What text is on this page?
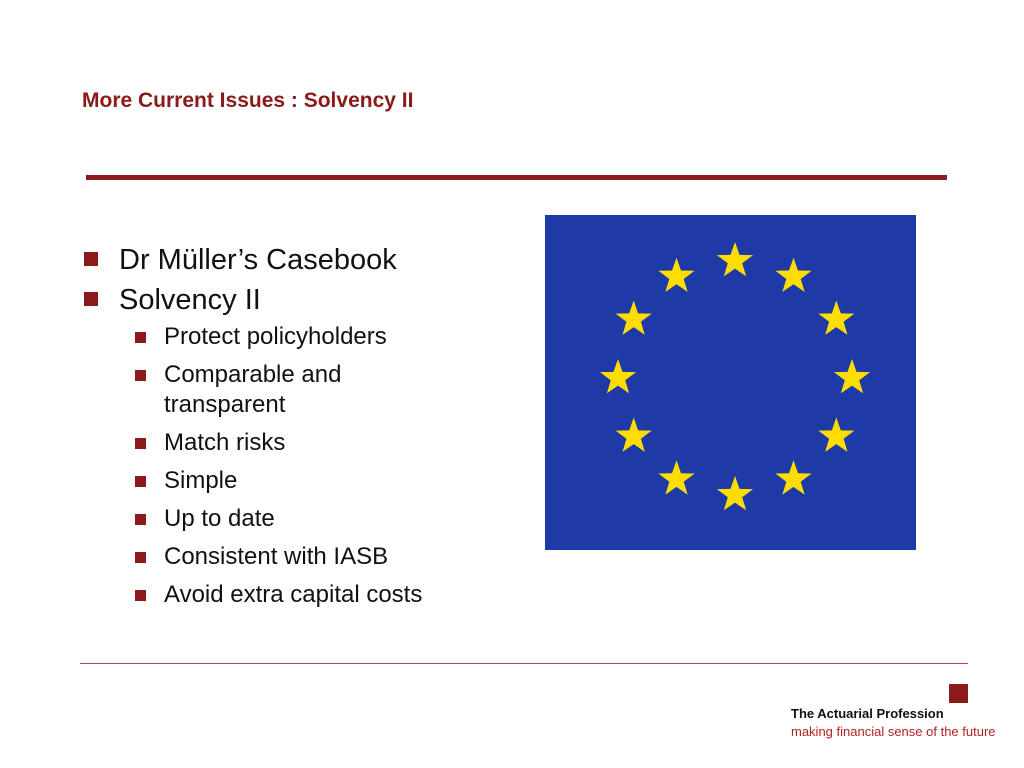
More Current Issues : Solvency II
Dr Müller’s Casebook
Solvency II
Protect policyholders
Comparable and transparent
Match risks
Simple
Up to date
Consistent with IASB
Avoid extra capital costs
The Actuarial Profession
making financial sense of the future
